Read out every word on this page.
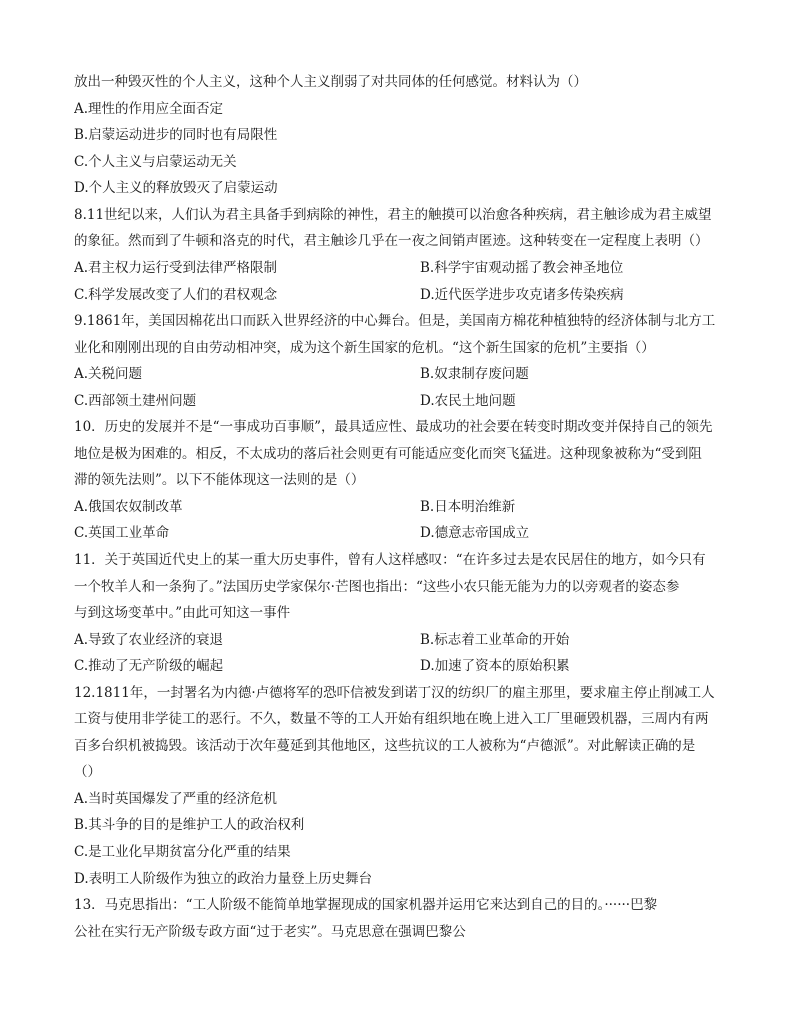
放出一种毁灭性的个人主义，这种个人主义削弱了对共同体的任何感觉。材料认为（）
A.理性的作用应全面否定
B.启蒙运动进步的同时也有局限性
C.个人主义与启蒙运动无关
D.个人主义的释放毁灭了启蒙运动
8.11世纪以来，人们认为君主具备手到病除的神性，君主的触摸可以治愈各种疾病，君主触诊成为君主威望
的象征。然而到了牛顿和洛克的时代，君主触诊几乎在一夜之间销声匿迹。这种转变在一定程度上表明（）
A.君主权力运行受到法律严格限制	B.科学宇宙观动摇了教会神圣地位
C.科学发展改变了人们的君权观念	D.近代医学进步攻克诸多传染疾病
9.1861年，美国因棉花出口而跃入世界经济的中心舞台。但是，美国南方棉花种植独特的经济体制与北方工
业化和刚刚出现的自由劳动相冲突，成为这个新生国家的危机。“这个新生国家的危机”主要指（）
A.关税问题	B.奴隶制存废问题
C.西部领土建州问题	D.农民土地问题
10．历史的发展并不是“一事成功百事顺”，最具适应性、最成功的社会要在转变时期改变并保持自己的领先
地位是极为困难的。相反，不太成功的落后社会则更有可能适应变化而突飞猛进。这种现象被称为“受到阻
滞的领先法则”。以下不能体现这一法则的是（）
A.俄国农奴制改革	B.日本明治维新
C.英国工业革命	D.德意志帝国成立
11．关于英国近代史上的某一重大历史事件，曾有人这样感叹：“在许多过去是农民居住的地方，如今只有
一个牧羊人和一条狗了。”法国历史学家保尔·芒图也指出：“这些小农只能无能为力的以旁观者的姿态参
与到这场变革中。”由此可知这一事件
A.导致了农业经济的衰退	B.标志着工业革命的开始
C.推动了无产阶级的崛起	D.加速了资本的原始积累
12.1811年，一封署名为内德·卢德将军的恐吓信被发到诺丁汉的纺织厂的雇主那里，要求雇主停止削减工人
工资与使用非学徒工的恶行。不久，数量不等的工人开始有组织地在晚上进入工厂里砸毁机器，三周内有两
百多台织机被捣毁。该活动于次年蔓延到其他地区，这些抗议的工人被称为“卢德派”。对此解读正确的是
（）
A.当时英国爆发了严重的经济危机
B.其斗争的目的是维护工人的政治权利
C.是工业化早期贫富分化严重的结果
D.表明工人阶级作为独立的政治力量登上历史舞台
13．马克思指出：“工人阶级不能简单地掌握现成的国家机器并运用它来达到自己的目的。······巴黎
公社在实行无产阶级专政方面“过于老实”。马克思意在强调巴黎公
